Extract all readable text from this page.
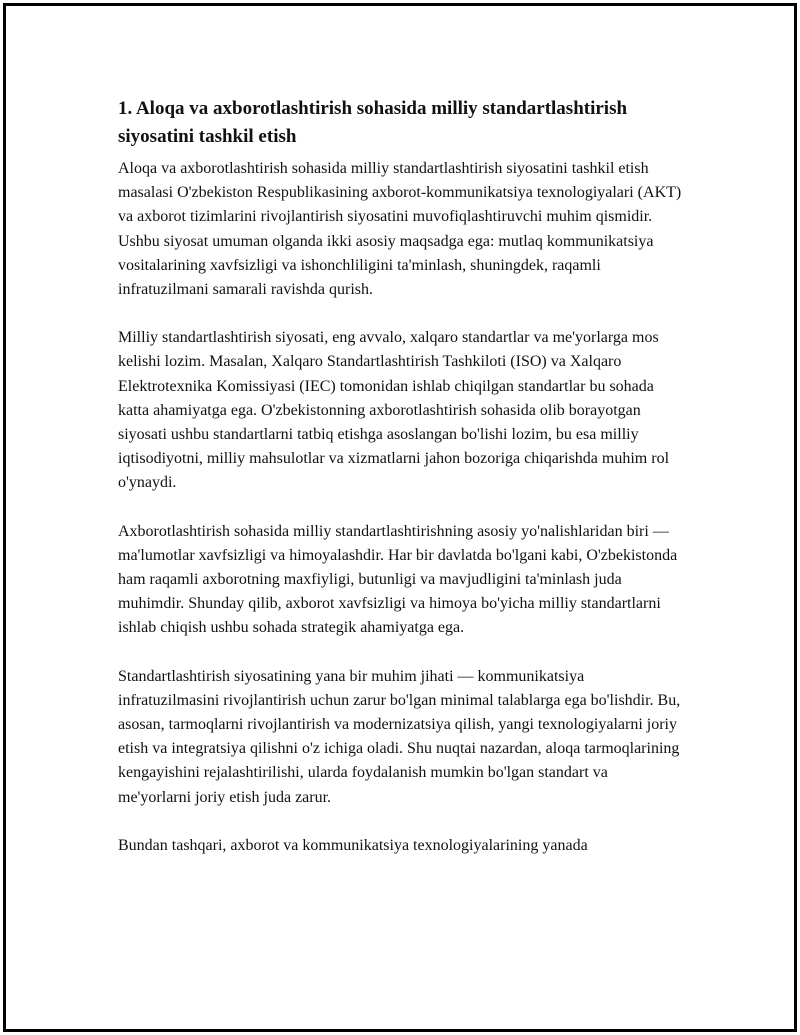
1. Aloqa va axborotlashtirish sohasida milliy standartlashtirish siyosatini tashkil etish

Aloqa va axborotlashtirish sohasida milliy standartlashtirish siyosatini tashkil etish masalasi O'zbekiston Respublikasining axborot-kommunikatsiya texnologiyalari (AKT) va axborot tizimlarini rivojlantirish siyosatini muvofiqlashtiruvchi muhim qismidir. Ushbu siyosat umuman olganda ikki asosiy maqsadga ega: mutlaq kommunikatsiya vositalarining xavfsizligi va ishonchliligini ta'minlash, shuningdek, raqamli infratuzilmani samarali ravishda qurish.

Milliy standartlashtirish siyosati, eng avvalo, xalqaro standartlar va me'yorlarga mos kelishi lozim. Masalan, Xalqaro Standartlashtirish Tashkiloti (ISO) va Xalqaro Elektrotexnika Komissiyasi (IEC) tomonidan ishlab chiqilgan standartlar bu sohada katta ahamiyatga ega. O'zbekistonning axborotlashtirish sohasida olib borayotgan siyosati ushbu standartlarni tatbiq etishga asoslangan bo'lishi lozim, bu esa milliy iqtisodiyotni, milliy mahsulotlar va xizmatlarni jahon bozoriga chiqarishda muhim rol o'ynaydi.

Axborotlashtirish sohasida milliy standartlashtirishning asosiy yo'nalishlaridan biri — ma'lumotlar xavfsizligi va himoyalashdir. Har bir davlatda bo'lgani kabi, O'zbekistonda ham raqamli axborotning maxfiyligi, butunligi va mavjudligini ta'minlash juda muhimdir. Shunday qilib, axborot xavfsizligi va himoya bo'yicha milliy standartlarni ishlab chiqish ushbu sohada strategik ahamiyatga ega.

Standartlashtirish siyosatining yana bir muhim jihati — kommunikatsiya infratuzilmasini rivojlantirish uchun zarur bo'lgan minimal talablarga ega bo'lishdir. Bu, asosan, tarmoqlarni rivojlantirish va modernizatsiya qilish, yangi texnologiyalarni joriy etish va integratsiya qilishni o'z ichiga oladi. Shu nuqtai nazardan, aloqa tarmoqlarining kengayishini rejalashtirilishi, ularda foydalanish mumkin bo'lgan standart va me'yorlarni joriy etish juda zarur.

Bundan tashqari, axborot va kommunikatsiya texnologiyalarining yanada
